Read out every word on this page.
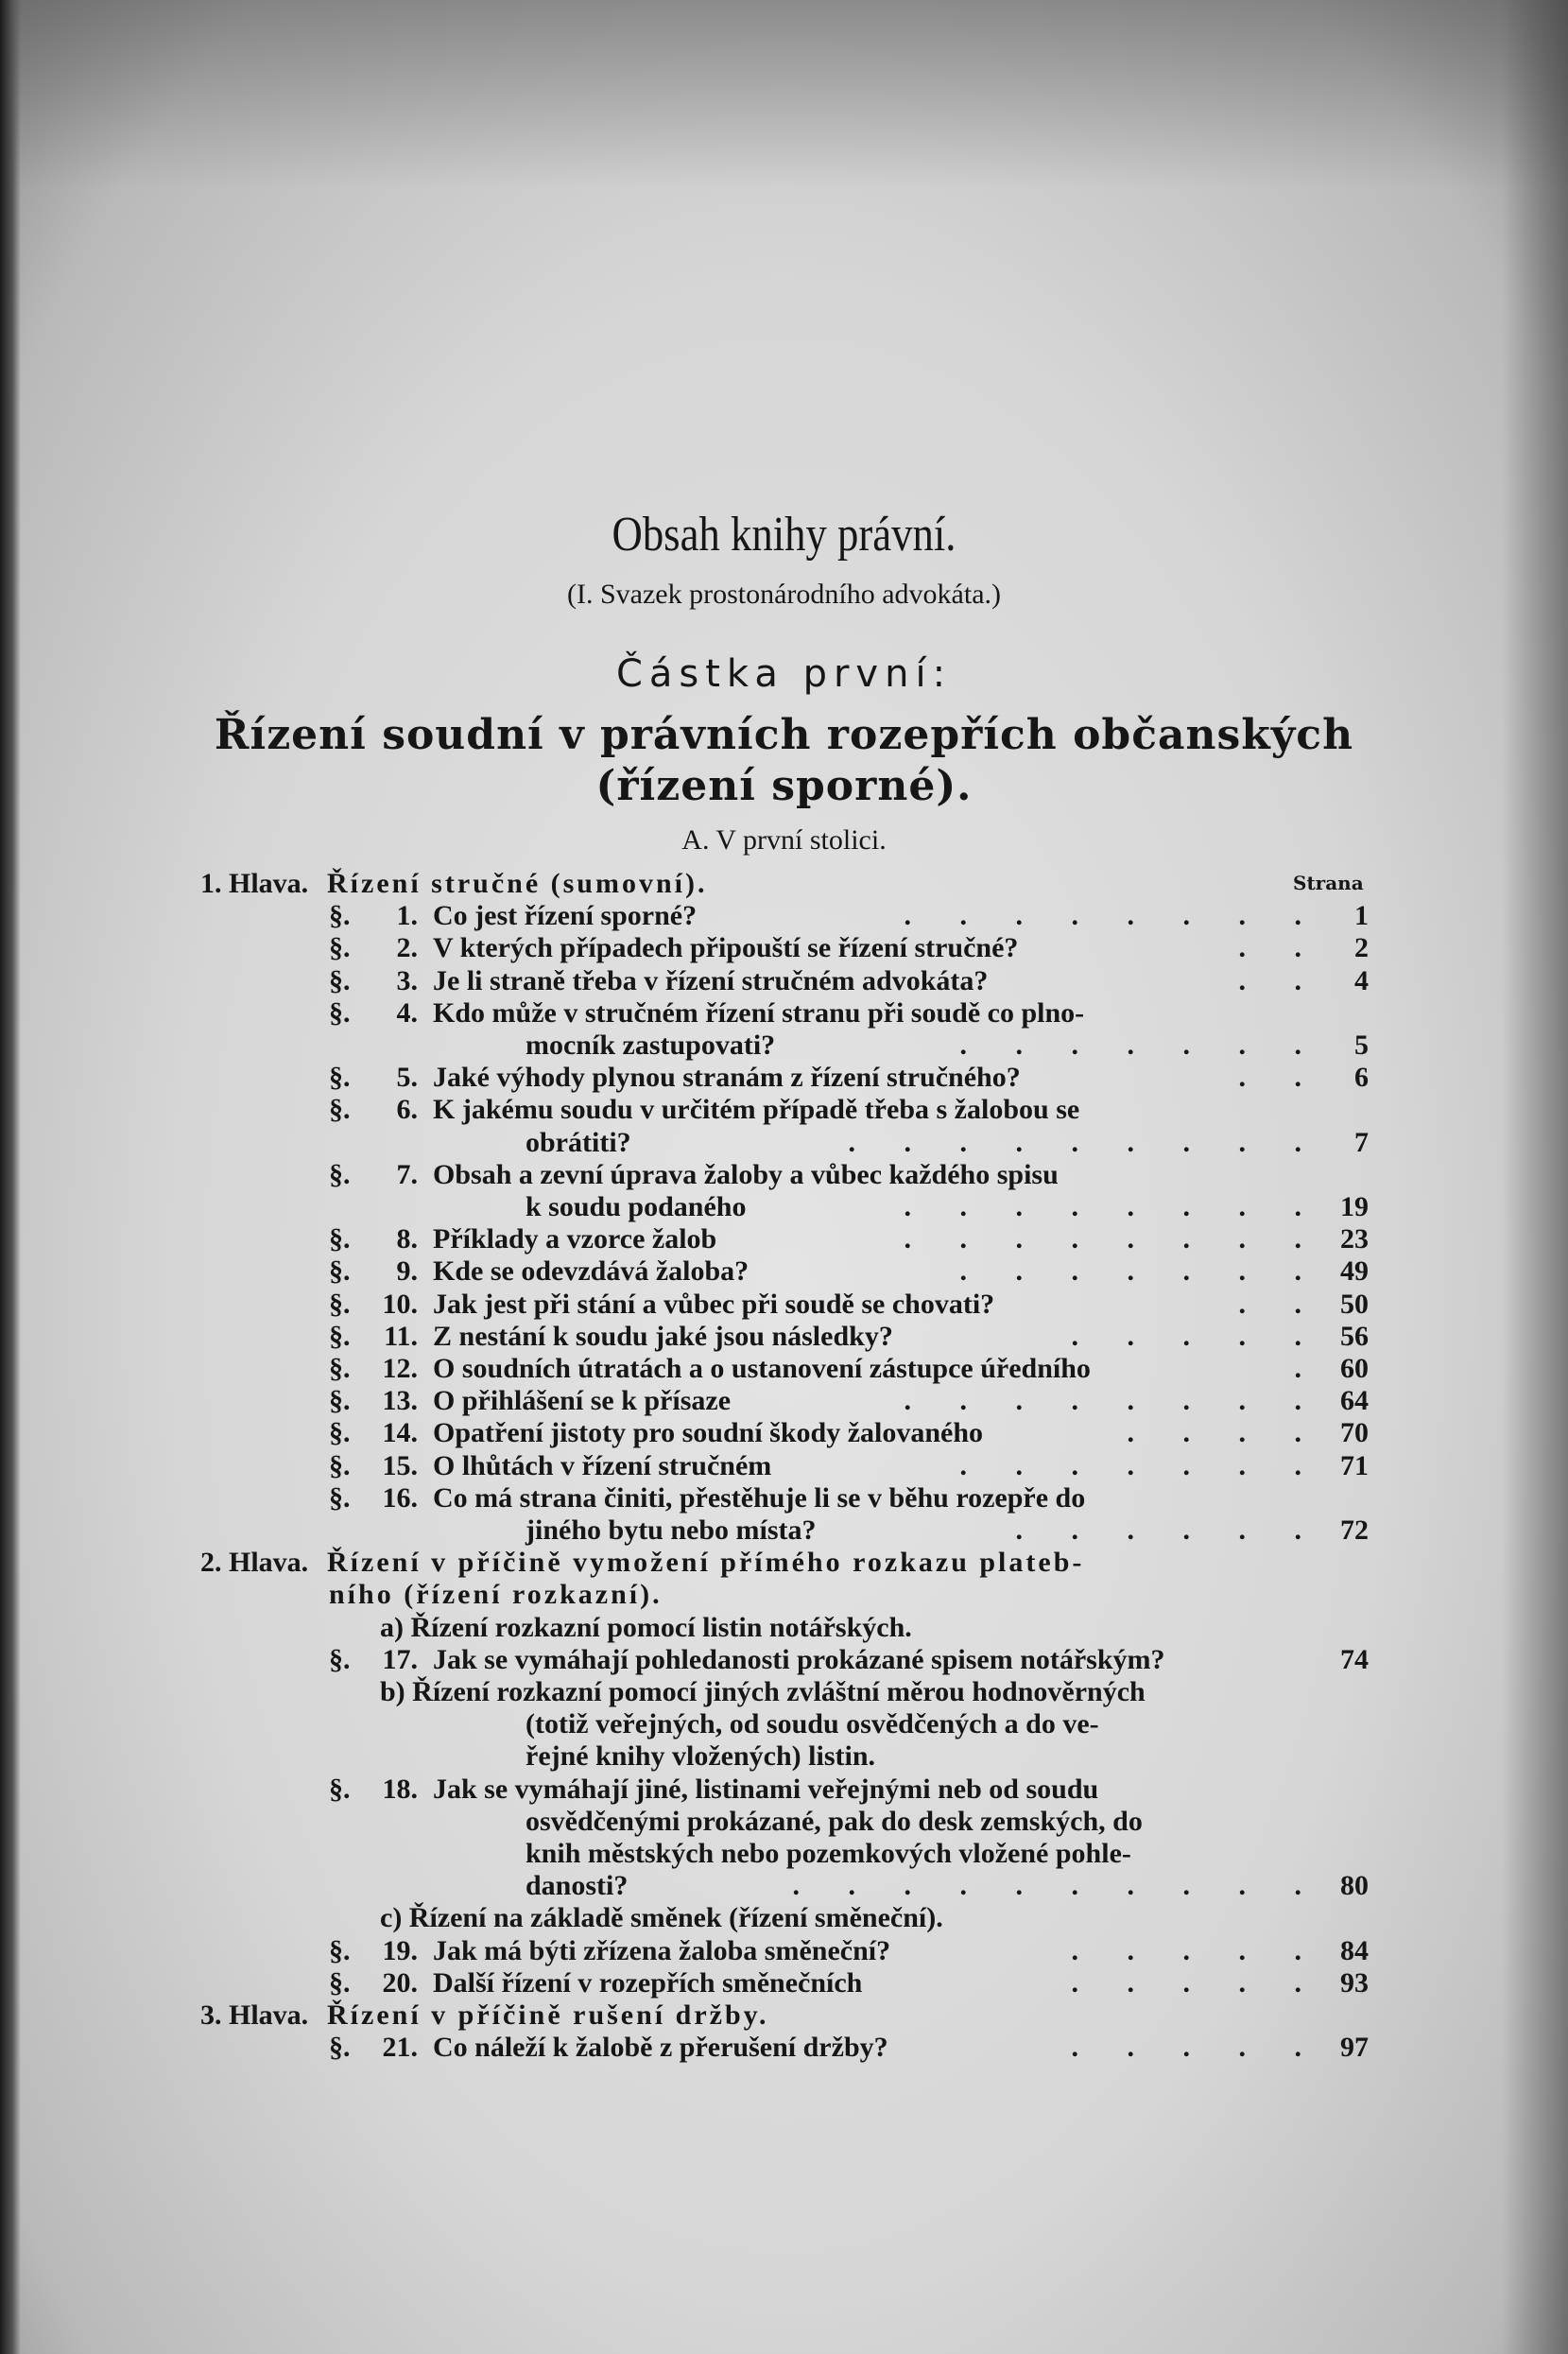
Obsah knihy právní.
(I. Svazek prostonárodního advokáta.)
Částka první:
Řízení soudní v právních rozepřích občanských
(řízení sporné).
A. V první stolici.
Strana
1. Hlava. Řízení stručné (sumovní).
§.	1. Co jest řízení sporné?	. . . . . . . .	1
§.	2. V kterých případech připouští se řízení stručné?	. .	2
§.	3. Je li straně třeba v řízení stručném advokáta?	. .	4
§.	4. Kdo může v stručném řízení stranu při soudě co plno-
mocník zastupovati?	. . . . . . .	5
§.	5. Jaké výhody plynou stranám z řízení stručného?	. .	6
§.	6. K jakému soudu v určitém případě třeba s žalobou se
obrátiti?	. . . . . . . . .	7
§.	7. Obsah a zevní úprava žaloby a vůbec každého spisu
k soudu podaného	. . . . . . . . 19
§.	8. Příklady a vzorce žalob	. . . . . . . . 23
§.	9. Kde se odevzdává žaloba?	. . . . . . . 49
§. 10. Jak jest při stání a vůbec při soudě se chovati?	. . 50
§.	11. Z nestání k soudu jaké jsou následky?	. . . . . 56
§. 12. O soudních útratách a o ustanovení zástupce úředního	. 60
§. 13. O přihlášení se k přísaze	. . . . . . . . 64
§. 14. Opatření jistoty pro soudní škody žalovaného	. . . . 70
§. 15. O lhůtách v řízení stručném	. . . . . . . 71
§. 16. Co má strana činiti, přestěhuje li se v běhu rozepře do
jiného bytu nebo místa?	. . . . . . 72
2. Hlava. Řízení v příčině vymožení přímého rozkazu plateb-
ního (řízení rozkazní).
a) Řízení rozkazní pomocí listin notářských.
§. 17. Jak se vymáhají pohledanosti prokázané spisem notářským?	74
b) Řízení rozkazní pomocí jiných zvláštní měrou hodnověrných
(totiž veřejných, od soudu osvědčených a do ve-
řejné knihy vložených) listin.
§. 18. Jak se vymáhají jiné, listinami veřejnými neb od soudu
osvědčenými prokázané, pak do desk zemských, do
knih městských nebo pozemkových vložené pohle-
danosti?	. . . . . . . . . . 80
c) Řízení na základě směnek (řízení směneční).
§. 19. Jak má býti zřízena žaloba směneční?	. . . . . 84
§. 20. Další řízení v rozepřích směnečních	. . . . . 93
3. Hlava. Řízení v příčině rušení držby.
§. 21. Co náleží k žalobě z přerušení držby?	. . . . . 97
